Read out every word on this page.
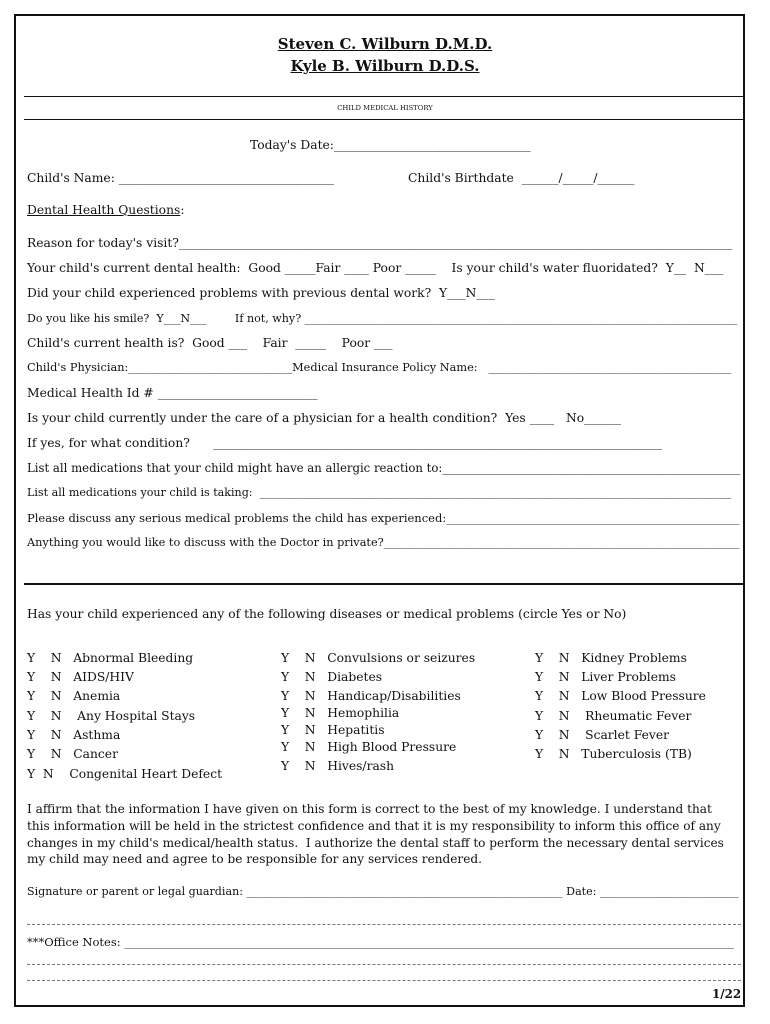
Steven C. Wilburn D.M.D.
Kyle B. Wilburn D.D.S.
CHILD MEDICAL HISTORY
Today's Date:________________________________
Child's Name: ___________________________________	Child's Birthdate  ______/_____/______
Dental Health Questions:
Reason for today's visit?__________________________________________________________________________________________
Your child's current dental health:  Good _____Fair ____ Poor _____    Is your child's water fluoridated?  Y__  N___
Did your child experienced problems with previous dental work?  Y___N___
Do you like his smile?  Y___N___        If not, why? ______________________________________________________________________________
Child's current health is?  Good ___    Fair  _____    Poor ___
Child's Physician:_____________________________Medical Insurance Policy Name:   ___________________________________________
Medical Health Id # __________________________
Is your child currently under the care of a physician for a health condition?  Yes ____   No______
If yes, for what condition?      _________________________________________________________________________
List all medications that your child might have an allergic reaction to:___________________________________________________
List all medications your child is taking:  _____________________________________________________________________________________
Please discuss any serious medical problems the child has experienced:___________________________________________________
Anything you would like to discuss with the Doctor in private?_______________________________________________________________
Has your child experienced any of the following diseases or medical problems (circle Yes or No)
Y    N   Abnormal Bleeding
Y    N   AIDS/HIV
Y    N   Anemia
Y    N    Any Hospital Stays
Y    N   Asthma
Y    N   Cancer
Y  N    Congenital Heart Defect
Y    N   Convulsions or seizures
Y    N   Diabetes
Y    N   Handicap/Disabilities
Y    N   Hemophilia
Y    N   Hepatitis
Y    N   High Blood Pressure
Y    N   Hives/rash
Y    N   Kidney Problems
Y    N   Liver Problems
Y    N   Low Blood Pressure
Y    N    Rheumatic Fever
Y    N    Scarlet Fever
Y    N   Tuberculosis (TB)
I affirm that the information I have given on this form is correct to the best of my knowledge. I understand that
this information will be held in the strictest confidence and that it is my responsibility to inform this office of any
changes in my child's medical/health status.  I authorize the dental staff to perform the necessary dental services
my child may need and agree to be responsible for any services rendered.
Signature or parent or legal guardian: _________________________________________________________ Date: _________________________
***Office Notes: __________________________________________________________________________________________________________
1/22
